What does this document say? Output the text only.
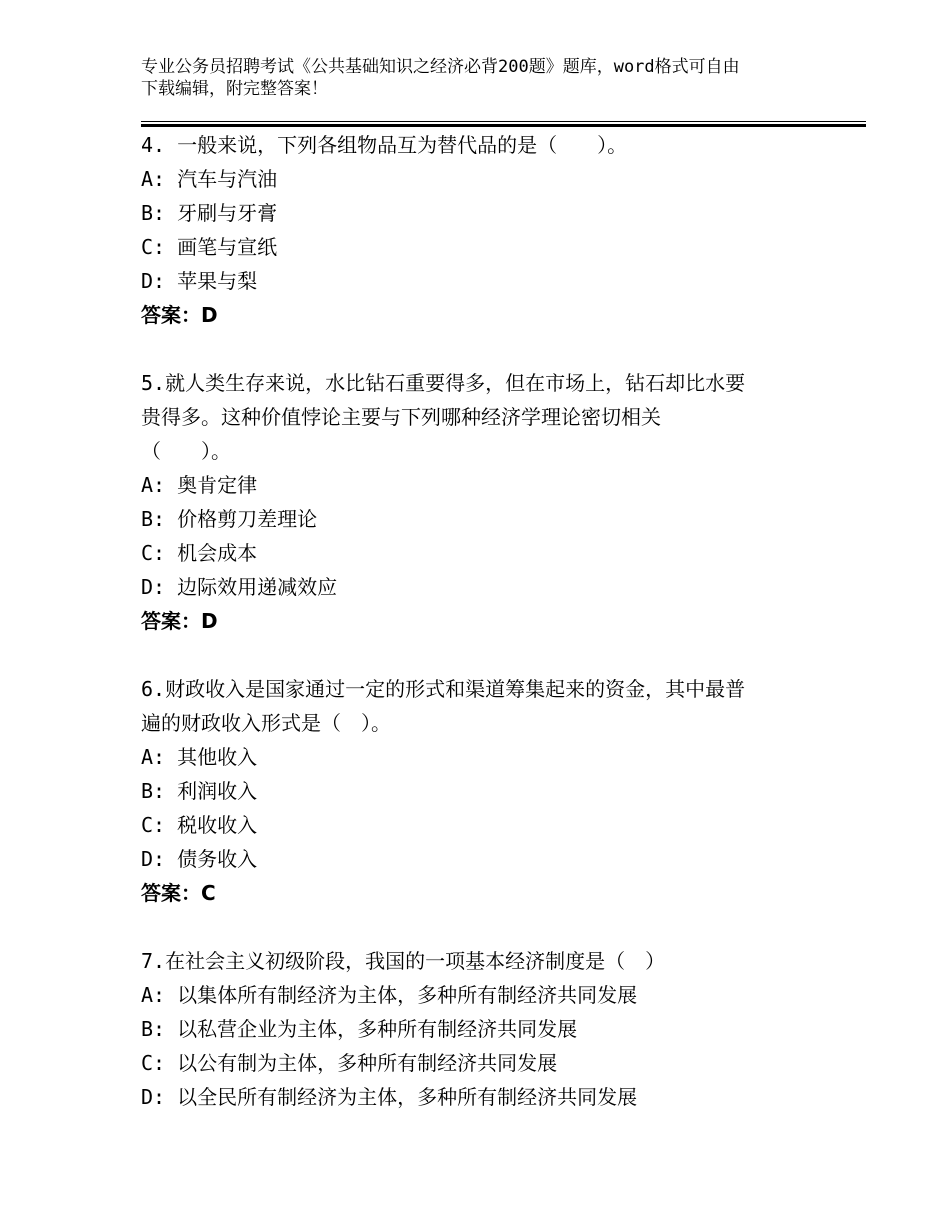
专业公务员招聘考试《公共基础知识之经济必背200题》题库，word格式可自由
下载编辑，附完整答案！
4. 一般来说，下列各组物品互为替代品的是（　　）。
A: 汽车与汽油
B: 牙刷与牙膏
C: 画笔与宣纸
D: 苹果与梨
答案：D
5.就人类生存来说，水比钻石重要得多，但在市场上，钻石却比水要
贵得多。这种价值悖论主要与下列哪种经济学理论密切相关
（　　）。
A: 奥肯定律
B: 价格剪刀差理论
C: 机会成本
D: 边际效用递减效应
答案：D
6.财政收入是国家通过一定的形式和渠道筹集起来的资金，其中最普
遍的财政收入形式是（　）。
A: 其他收入
B: 利润收入
C: 税收收入
D: 债务收入
答案：C
7.在社会主义初级阶段，我国的一项基本经济制度是（　）
A: 以集体所有制经济为主体，多种所有制经济共同发展
B: 以私营企业为主体，多种所有制经济共同发展
C: 以公有制为主体，多种所有制经济共同发展
D: 以全民所有制经济为主体，多种所有制经济共同发展
